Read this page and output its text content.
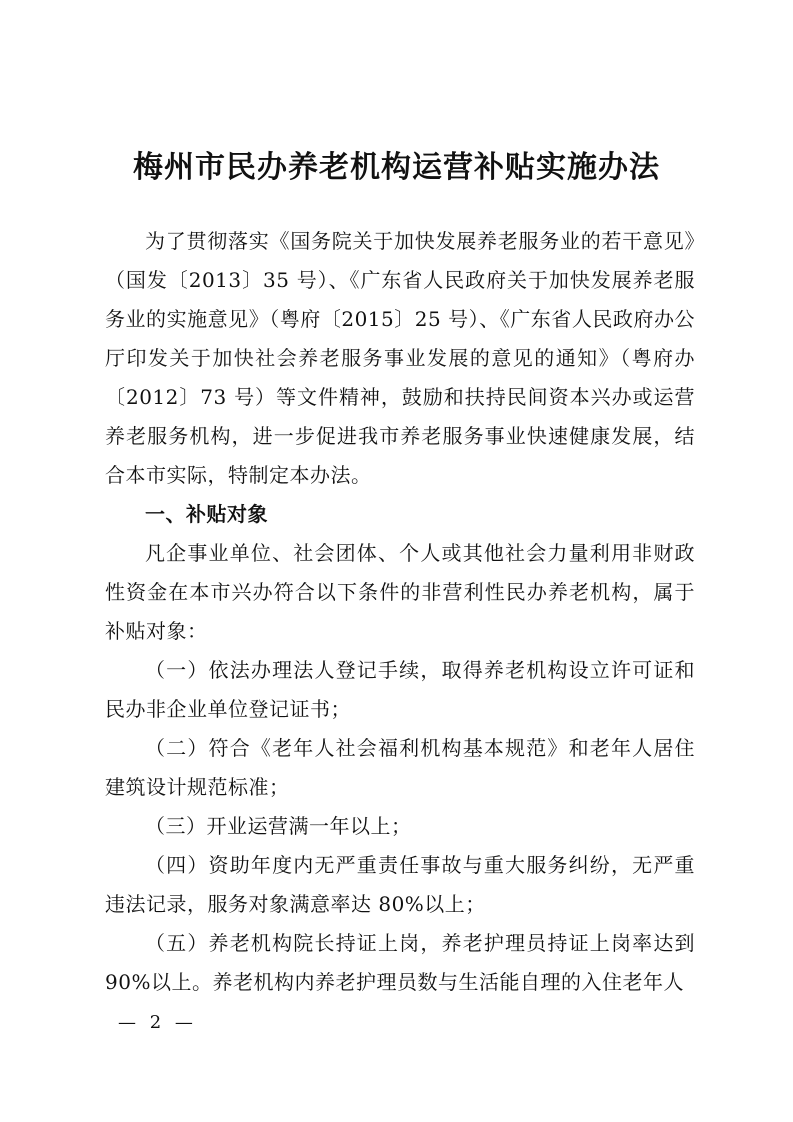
梅州市民办养老机构运营补贴实施办法

为了贯彻落实《国务院关于加快发展养老服务业的若干意见》（国发〔2013〕35 号）、《广东省人民政府关于加快发展养老服务业的实施意见》（粤府〔2015〕25 号）、《广东省人民政府办公厅印发关于加快社会养老服务事业发展的意见的通知》（粤府办〔2012〕73 号）等文件精神，鼓励和扶持民间资本兴办或运营养老服务机构，进一步促进我市养老服务事业快速健康发展，结合本市实际，特制定本办法。

一、补贴对象

凡企事业单位、社会团体、个人或其他社会力量利用非财政性资金在本市兴办符合以下条件的非营利性民办养老机构，属于补贴对象：

（一）依法办理法人登记手续，取得养老机构设立许可证和民办非企业单位登记证书；

（二）符合《老年人社会福利机构基本规范》和老年人居住建筑设计规范标准；

（三）开业运营满一年以上；

（四）资助年度内无严重责任事故与重大服务纠纷，无严重违法记录，服务对象满意率达 80%以上；

（五）养老机构院长持证上岗，养老护理员持证上岗率达到 90%以上。养老机构内养老护理员数与生活能自理的入住老年人

— 2 —
